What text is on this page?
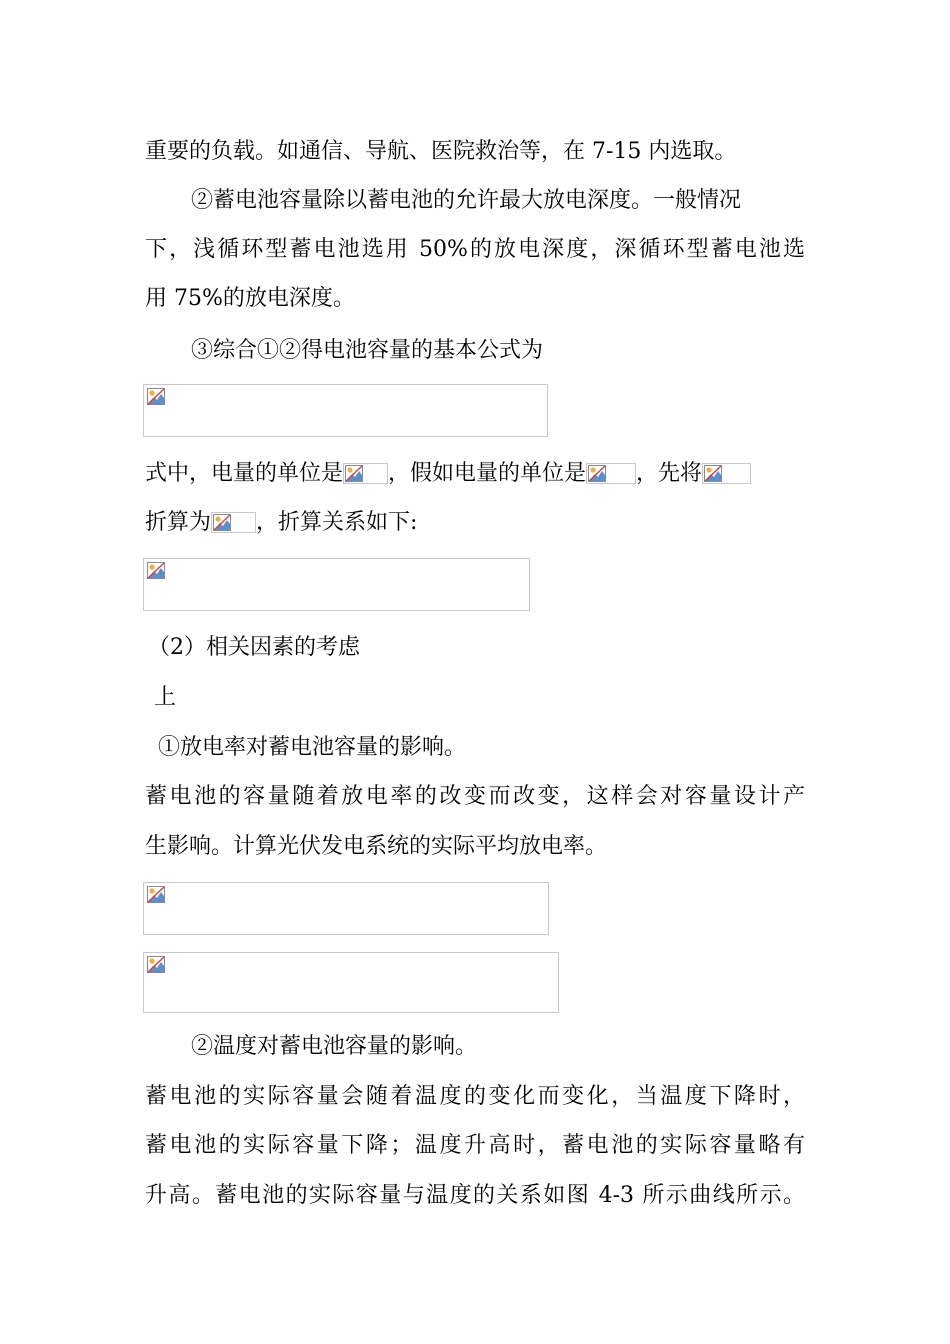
重要的负载。如通信、导航、医院救治等，在 7-15 内选取。
②蓄电池容量除以蓄电池的允许最大放电深度。一般情况
下，浅循环型蓄电池选用 50%的放电深度，深循环型蓄电池选
用 75%的放电深度。
③综合①②得电池容量的基本公式为
式中，电量的单位是 ，假如电量的单位是 ，先将
折算为 ，折算关系如下:
（2）相关因素的考虑
上
①放电率对蓄电池容量的影响。
蓄电池的容量随着放电率的改变而改变，这样会对容量设计产
生影响。计算光伏发电系统的实际平均放电率。
②温度对蓄电池容量的影响。
蓄电池的实际容量会随着温度的变化而变化，当温度下降时，
蓄电池的实际容量下降；温度升高时，蓄电池的实际容量略有
升高。蓄电池的实际容量与温度的关系如图 4-3 所示曲线所示。
